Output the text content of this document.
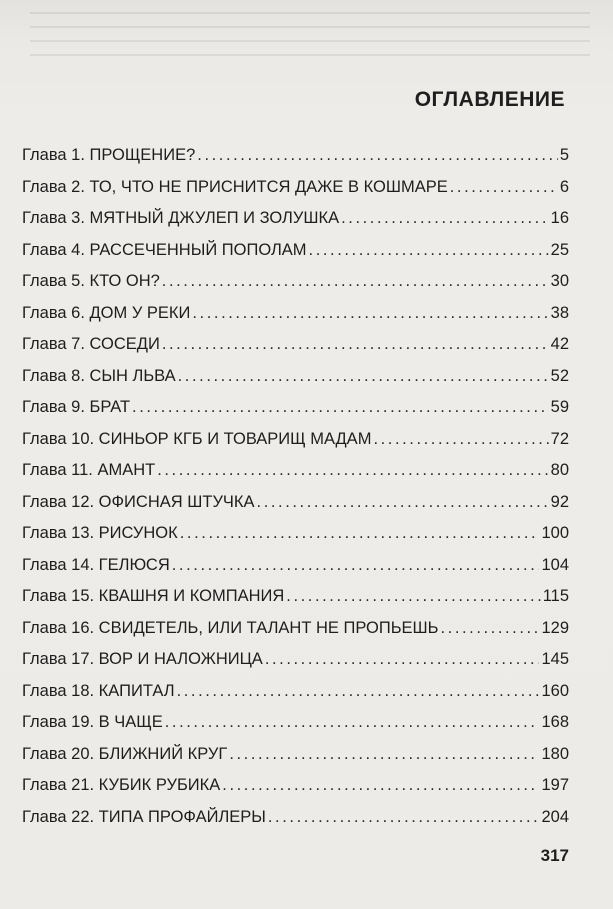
ОГЛАВЛЕНИЕ
Глава 1. ПРОЩЕНИЕ? . . .	5
Глава 2. ТО, ЧТО НЕ ПРИСНИТСЯ ДАЖЕ В КОШМАРЕ . . .	6
Глава 3. МЯТНЫЙ ДЖУЛЕП И ЗОЛУШКА . . .	16
Глава 4. РАССЕЧЕННЫЙ ПОПОЛАМ . . .	25
Глава 5. КТО ОН? . . .	30
Глава 6. ДОМ У РЕКИ . . .	38
Глава 7. СОСЕДИ . . .	42
Глава 8. СЫН ЛЬВА . . .	52
Глава 9. БРАТ . . .	59
Глава 10. СИНЬОР КГБ И ТОВАРИЩ МАДАМ . . .	72
Глава 11. АМАНТ . . .	80
Глава 12. ОФИСНАЯ ШТУЧКА . . .	92
Глава 13. РИСУНОК . . .	100
Глава 14. ГЕЛЮСЯ . . .	104
Глава 15. КВАШНЯ И КОМПАНИЯ . . .	115
Глава 16. СВИДЕТЕЛЬ, ИЛИ ТАЛАНТ НЕ ПРОПЬЕШЬ . . .	129
Глава 17. ВОР И НАЛОЖНИЦА . . .	145
Глава 18. КАПИТАЛ . . .	160
Глава 19. В ЧАЩЕ . . .	168
Глава 20. БЛИЖНИЙ КРУГ . . .	180
Глава 21. КУБИК РУБИКА . . .	197
Глава 22. ТИПА ПРОФАЙЛЕРЫ . . .	204
317
